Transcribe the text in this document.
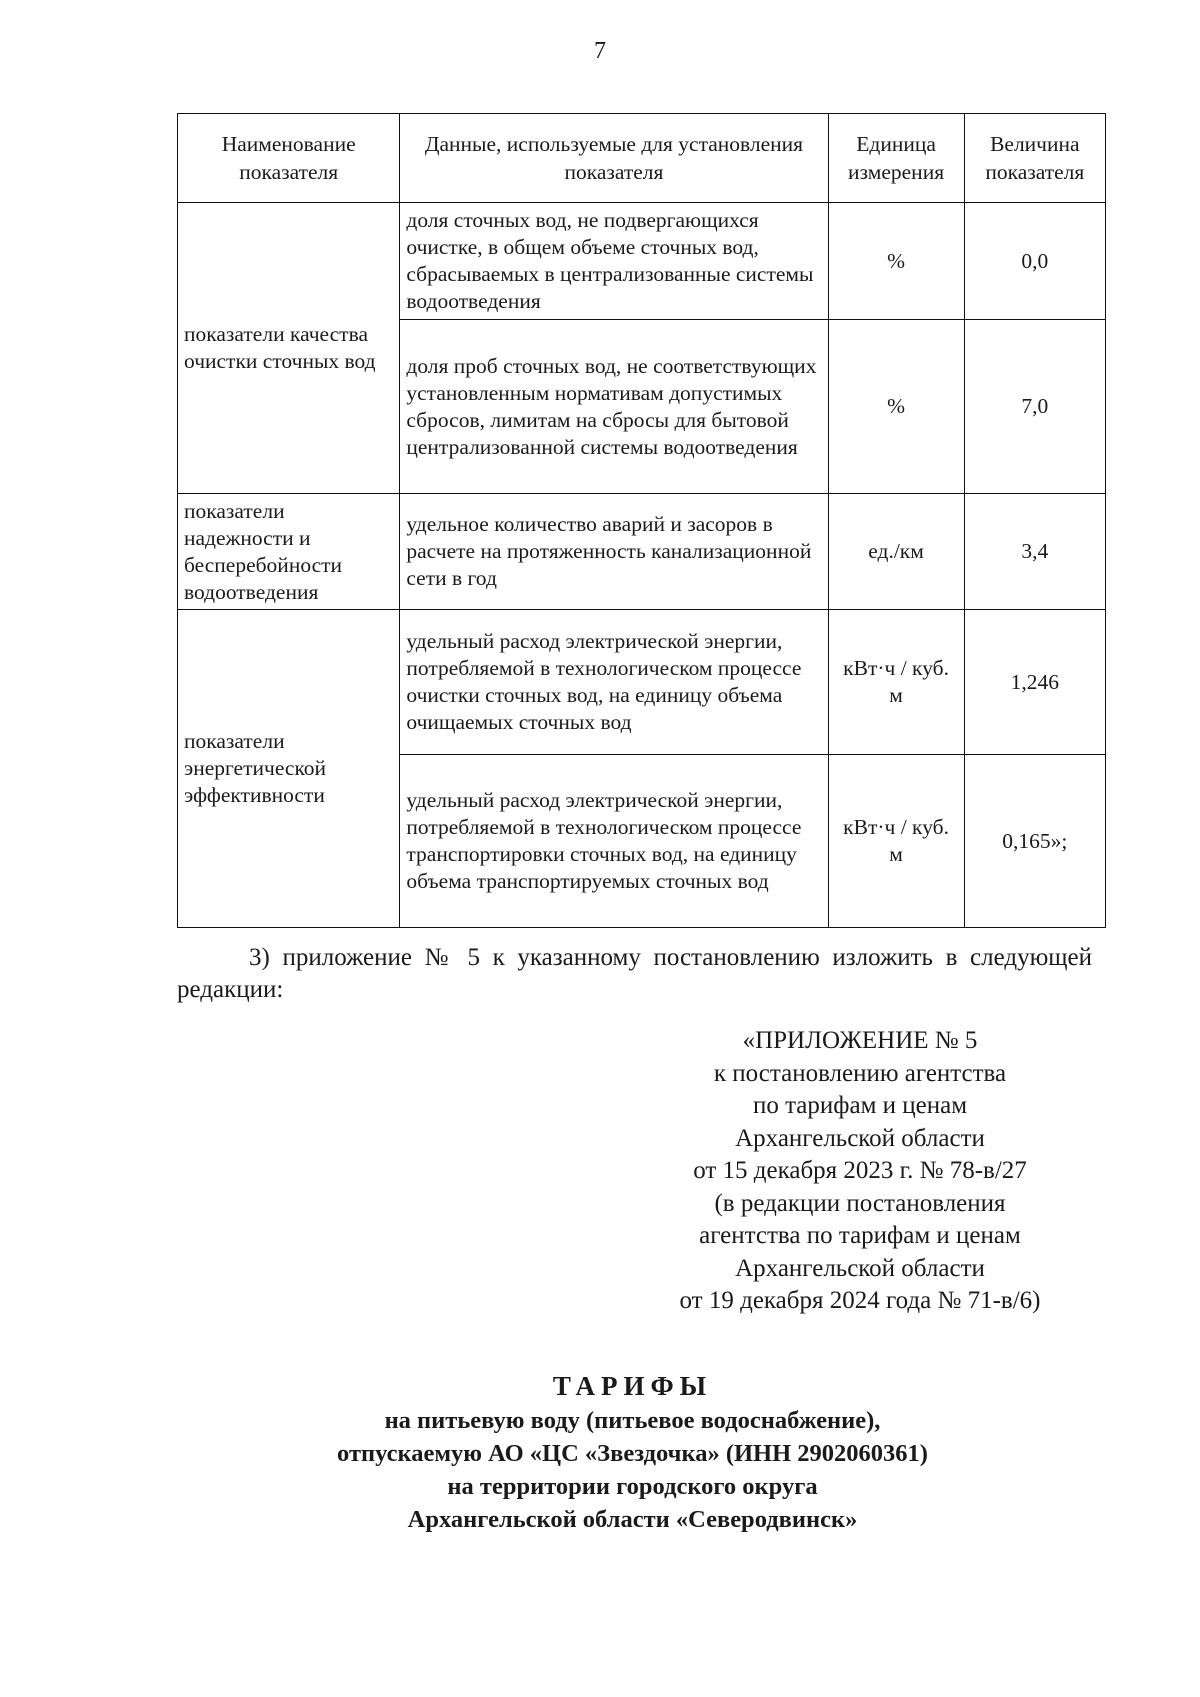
7
Наименование показателя	Данные, используемые для установления показателя	Единица измерения	Величина показателя
показатели качества очистки сточных вод	доля сточных вод, не подвергающихся очистке, в общем объеме сточных вод, сбрасываемых в централизованные системы водоотведения	%	0,0
	доля проб сточных вод, не соответствующих установленным нормативам допустимых сбросов, лимитам на сбросы для бытовой централизованной системы водоотведения	%	7,0
показатели надежности и бесперебойности водоотведения	удельное количество аварий и засоров в расчете на протяженность канализационной сети в год	ед./км	3,4
показатели энергетической эффективности	удельный расход электрической энергии, потребляемой в технологическом процессе очистки сточных вод, на единицу объема очищаемых сточных вод	кВт·ч / куб. м	1,246
	удельный расход электрической энергии, потребляемой в технологическом процессе транспортировки сточных вод, на единицу объема транспортируемых сточных вод	кВт·ч / куб. м	0,165»;
3) приложение № 5 к указанному постановлению изложить в следующей редакции:
«ПРИЛОЖЕНИЕ № 5
к постановлению агентства
по тарифам и ценам
Архангельской области
от 15 декабря 2023 г. № 78-в/27
(в редакции постановления
агентства по тарифам и ценам
Архангельской области
от 19 декабря 2024 года № 71-в/6)
ТАРИФЫ
на питьевую воду (питьевое водоснабжение),
отпускаемую АО «ЦС «Звездочка» (ИНН 2902060361)
на территории городского округа
Архангельской области «Северодвинск»
